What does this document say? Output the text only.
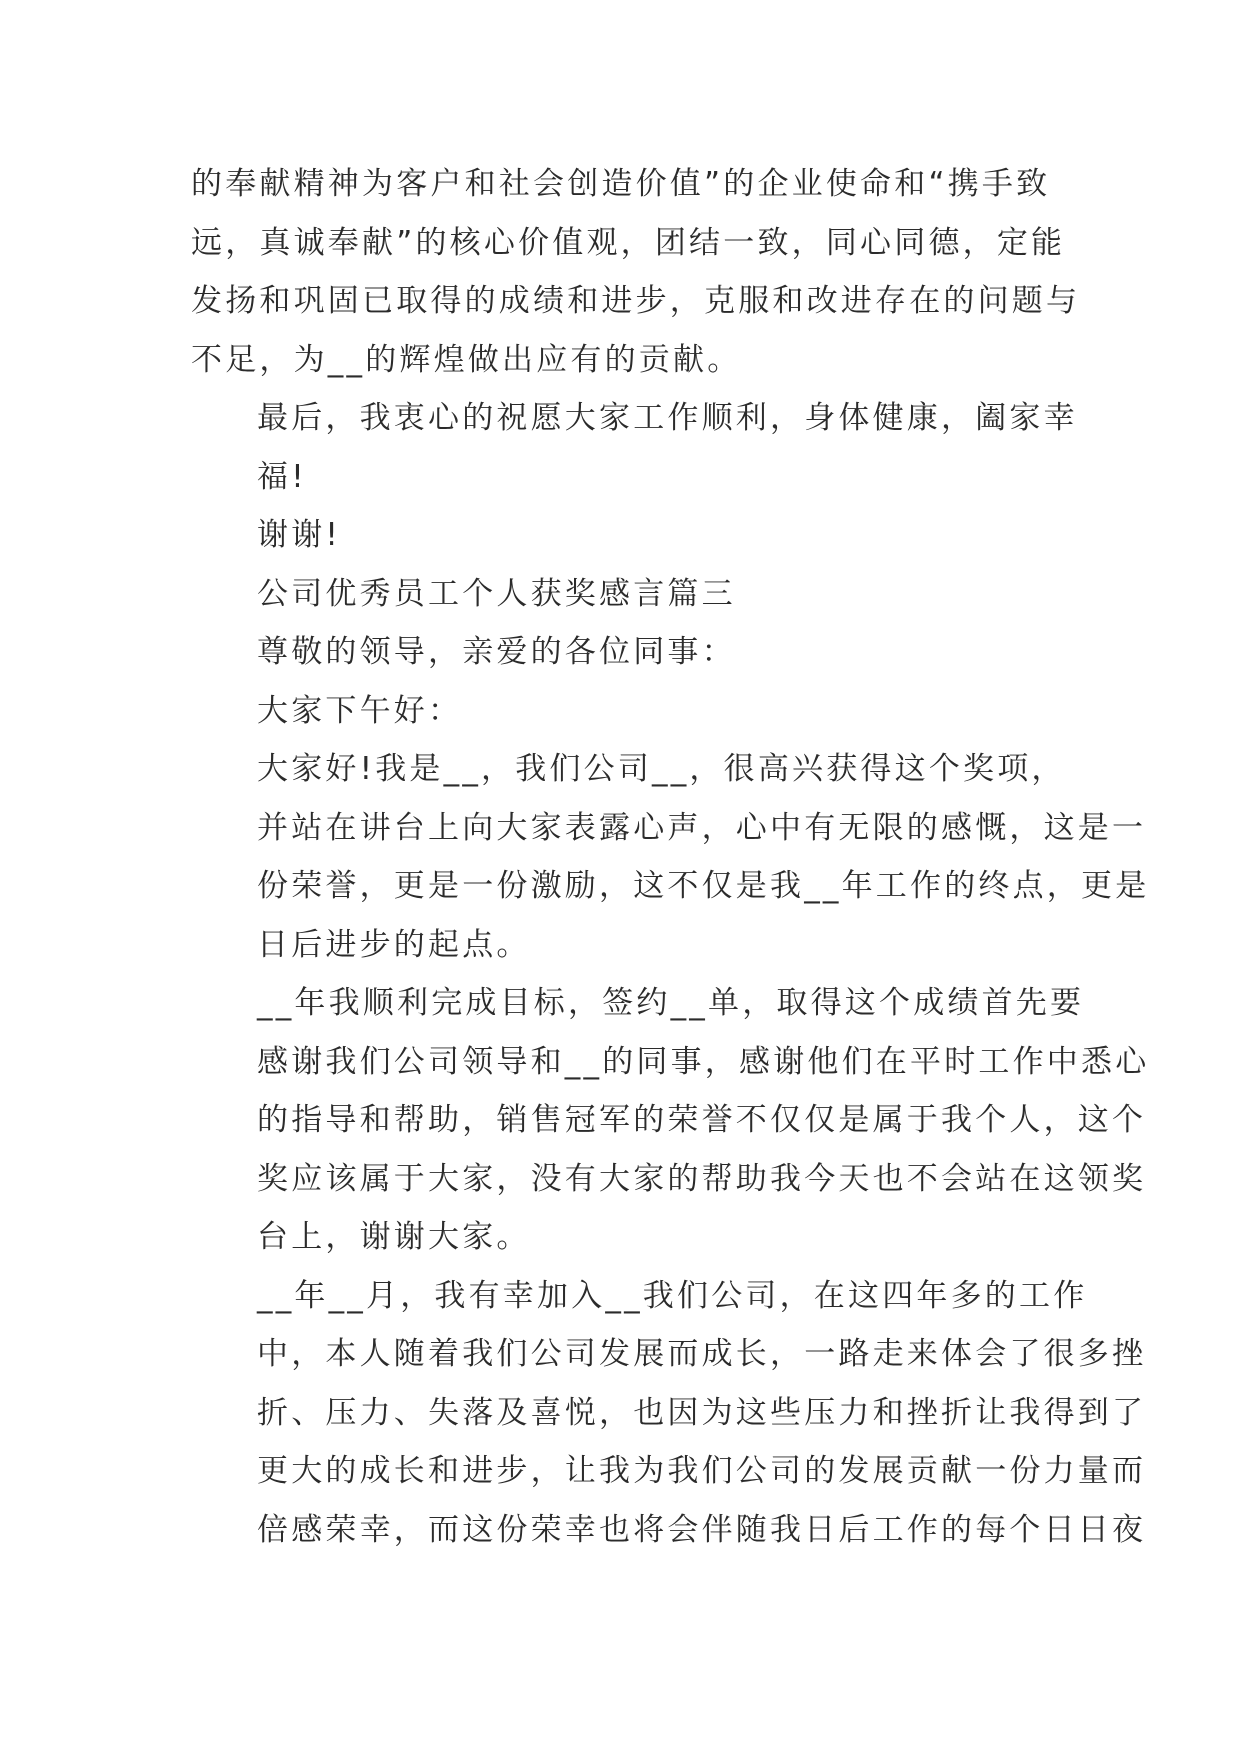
的奉献精神为客户和社会创造价值”的企业使命和“携手致
远，真诚奉献”的核心价值观，团结一致，同心同德，定能
发扬和巩固已取得的成绩和进步，克服和改进存在的问题与
不足，为__的辉煌做出应有的贡献。

最后，我衷心的祝愿大家工作顺利，身体健康，阖家幸
福!

谢谢!

公司优秀员工个人获奖感言篇三

尊敬的领导，亲爱的各位同事：

大家下午好：

大家好!我是__，我们公司__，很高兴获得这个奖项，
并站在讲台上向大家表露心声，心中有无限的感慨，这是一
份荣誉，更是一份激励，这不仅是我__年工作的终点，更是
日后进步的起点。

__年我顺利完成目标，签约__单，取得这个成绩首先要
感谢我们公司领导和__的同事，感谢他们在平时工作中悉心
的指导和帮助，销售冠军的荣誉不仅仅是属于我个人，这个
奖应该属于大家，没有大家的帮助我今天也不会站在这领奖
台上，谢谢大家。

__年__月，我有幸加入__我们公司，在这四年多的工作
中，本人随着我们公司发展而成长，一路走来体会了很多挫
折、压力、失落及喜悦，也因为这些压力和挫折让我得到了
更大的成长和进步，让我为我们公司的发展贡献一份力量而
倍感荣幸，而这份荣幸也将会伴随我日后工作的每个日日夜
